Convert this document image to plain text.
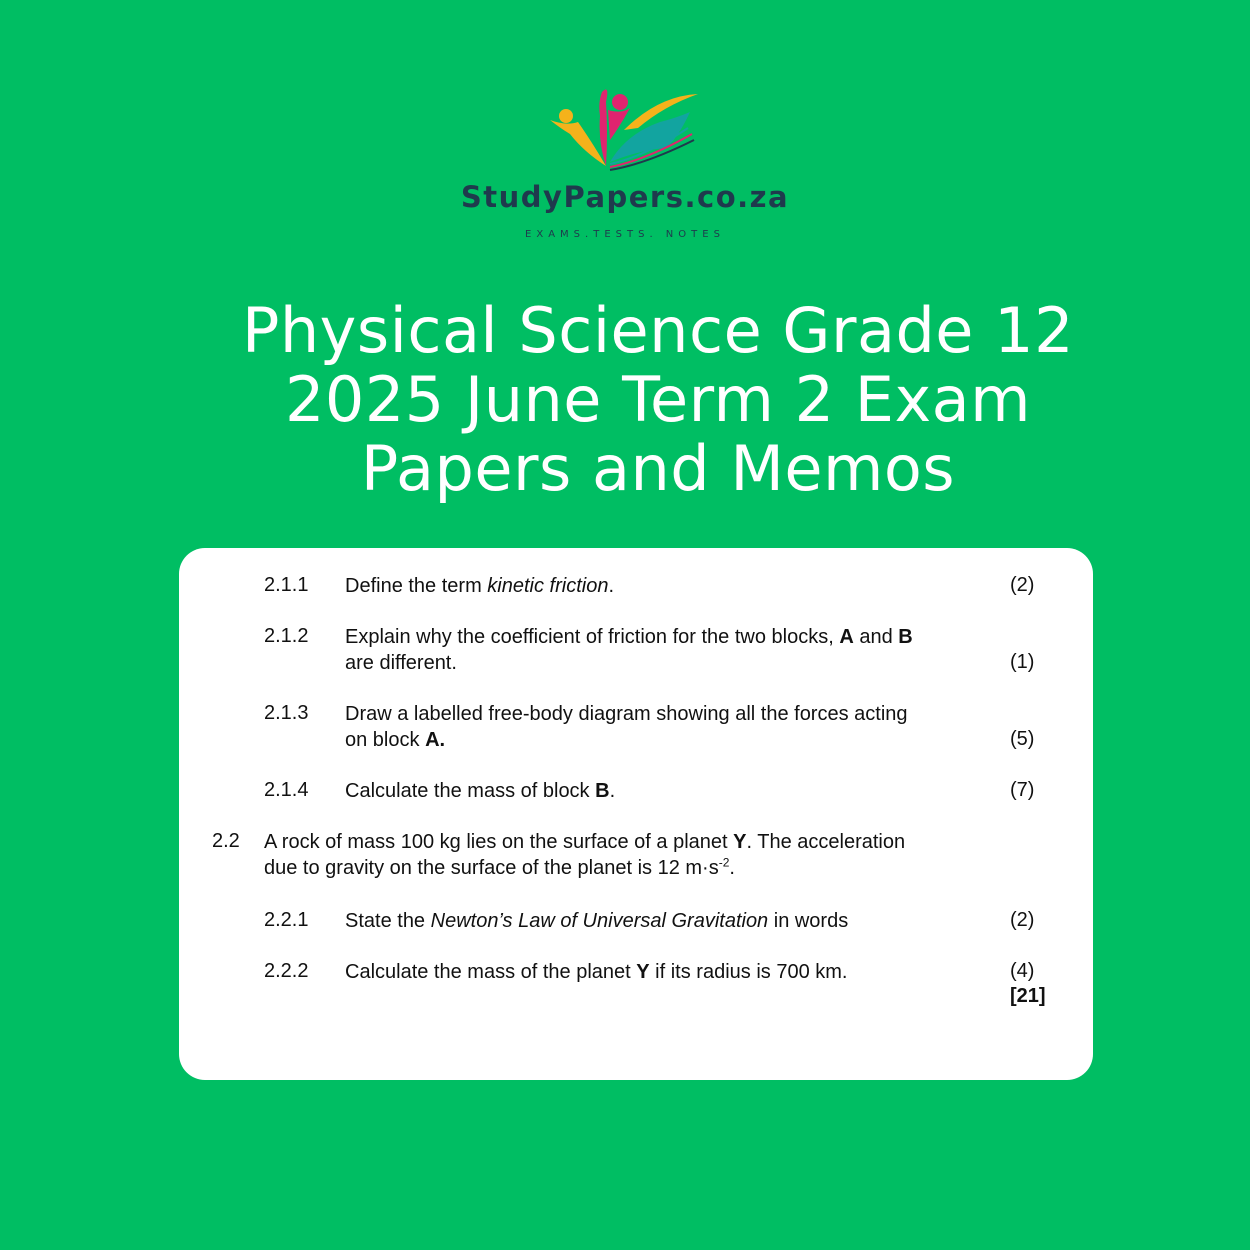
StudyPapers.co.za
EXAMS.TESTS. NOTES
Physical Science Grade 12
2025 June Term 2 Exam
Papers and Memos
2.1.1 Define the term kinetic friction.	(2)
2.1.2 Explain why the coefficient of friction for the two blocks, A and B
are different.	(1)
2.1.3 Draw a labelled free-body diagram showing all the forces acting
on block A.	(5)
2.1.4 Calculate the mass of block B.	(7)
2.2 A rock of mass 100 kg lies on the surface of a planet Y. The acceleration
due to gravity on the surface of the planet is 12 $m\cdot s^{-2}$.
2.2.1 State the Newton’s Law of Universal Gravitation in words	(2)
2.2.2 Calculate the mass of the planet Y if its radius is 700 km.	(4)
[21]
